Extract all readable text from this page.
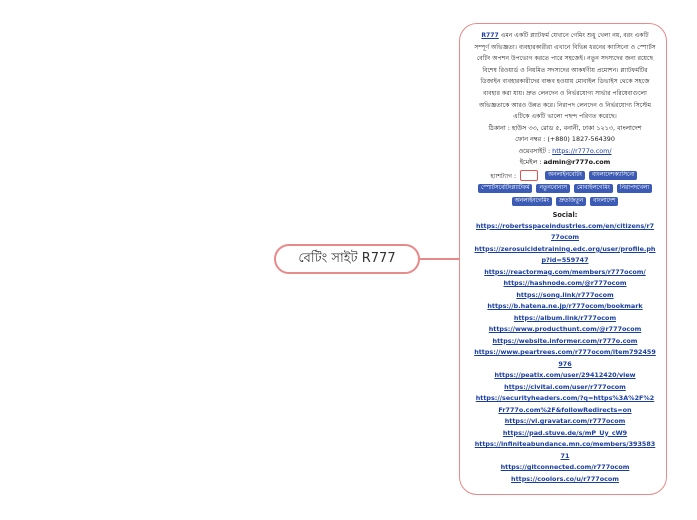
বেটিং সাইট R777

R777 এমন একটি প্ল্যাটফর্ম যেখানে গেমিং শুধু খেলা নয়, বরং একটি সম্পূর্ণ অভিজ্ঞতা। ব্যবহারকারীরা এখানে বিভিন্ন ধরনের ক্যাসিনো ও স্পোর্টস বেটিং অপশন উপভোগ করতে পারে সহজেই। নতুন সদস্যদের জন্য রয়েছে বিশেষ রিওয়ার্ড ও নিয়মিত সদস্যদের আকর্ষণীয় প্রমোশন। প্ল্যাটফর্মটির ডিজাইন ব্যবহারকারীদের বান্ধব হওয়ায় মোবাইল ডিভাইস থেকে সহজে ব্যবহার করা যায়। দ্রুত লেনদেন ও নির্ভরযোগ্য সার্ভার পরিষেবাগুলো অভিজ্ঞতাকে আরও উন্নত করে। নিরাপদ লেনদেন ও নির্ভরযোগ্য সিস্টেম এটিকে একটি ভালো পছন্দ পরিণত করেছে।

ঠিকানা : হাউস ৩৩, রোড ৫, বনানী, ঢাকা ১২১৩, বাংলাদেশ

ফোন নম্বর : (+880) 1827-564390

ওয়েবসাইট : https://r777o.com/

ইমেইল : admin@r777o.com

হ্যাশট্যাগ :	অনলাইনবেটিং বাংলাদেশক্যাসিনোস্পোর্টসবেটিংপ্ল্যাটফর্ম নতুনবোনাস মোবাইলগেমিং নিরাপদখেলাঅনলাইনগেমিং দ্রুতজিতুন বাংলাদেশ

Social:

https://robertsspaceindustries.com/en/citizens/r777ocom
https://zerosuicidetraining.edc.org/user/profile.php?id=559747
https://reactormag.com/members/r777ocom/
https://hashnode.com/@r777ocom
https://song.link/r777ocom
https://b.hatena.ne.jp/r777ocom/bookmark
https://album.link/r777ocom
https://www.producthunt.com/@r777ocom
https://website.informer.com/r777o.com
https://www.peartrees.com/r777ocom/item792459976
https://peatix.com/user/29412420/view
https://civitai.com/user/r777ocom
https://securityheaders.com/?q=https%3A%2F%2Fr777o.com%2F&followRedirects=on
https://vi.gravatar.com/r777ocom
https://pad.stuve.de/s/mP_Uy_cW9
https://infiniteabundance.mn.co/members/39358371
https://gitconnected.com/r777ocom
https://coolors.co/u/r777ocom
